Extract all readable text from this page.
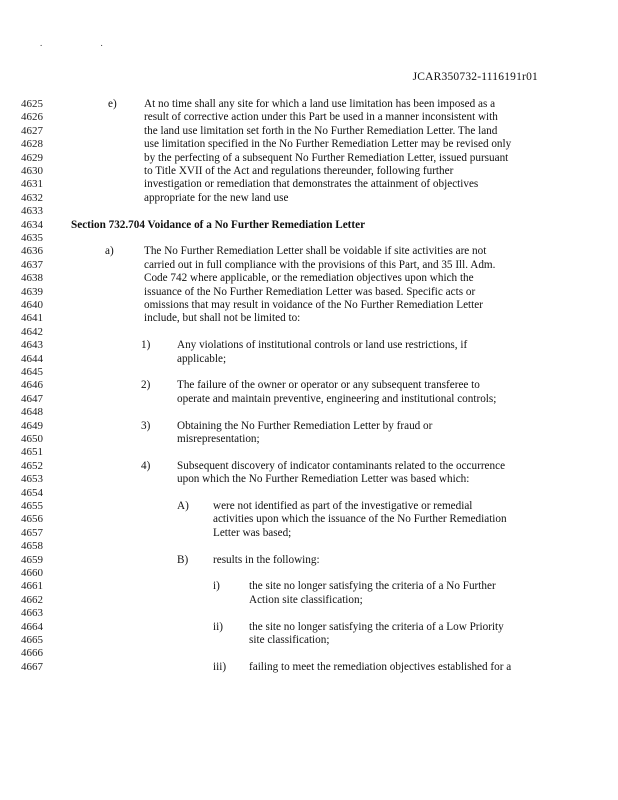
. .
JCAR350732-1116191r01
4625
4626
4627
4628
4629
4630
4631
4632
4633
4634
4635
4636
4637
4638
4639
4640
4641
4642
4643
4644
4645
4646
4647
4648
4649
4650
4651
4652
4653
4654
4655
4656
4657
4658
4659
4660
4661
4662
4663
4664
4665
4666
4667
e) At no time shall any site for which a land use limitation has been imposed as a
result of corrective action under this Part be used in a manner inconsistent with
the land use limitation set forth in the No Further Remediation Letter. The land
use limitation specified in the No Further Remediation Letter may be revised only
by the perfecting of a subsequent No Further Remediation Letter, issued pursuant
to Title XVII of the Act and regulations thereunder, following further
investigation or remediation that demonstrates the attainment of objectives
appropriate for the new land use
Section 732.704 Voidance of a No Further Remediation Letter
a)	The No Further Remediation Letter shall be voidable if site activities are not
carried out in full compliance with the provisions of this Part, and 35 Ill. Adm.
Code 742 where applicable, or the remediation objectives upon which the
issuance of the No Further Remediation Letter was based. Specific acts or
omissions that may result in voidance of the No Further Remediation Letter
include, but shall not be limited to:
1) Any violations of institutional controls or land use restrictions, if
applicable;
2) The failure of the owner or operator or any subsequent transferee to
operate and maintain preventive, engineering and institutional controls;
3) Obtaining the No Further Remediation Letter by fraud or
misrepresentation;
4) Subsequent discovery of indicator contaminants related to the occurrence
upon which the No Further Remediation Letter was based which:
A) were not identified as part of the investigative or remedial
activities upon which the issuance of the No Further Remediation
Letter was based;
B) results in the following:
i)	the site no longer satisfying the criteria of a No Further
Action site classification;
ii) the site no longer satisfying the criteria of a Low Priority
site classification;
iii) failing to meet the remediation objectives established for a
